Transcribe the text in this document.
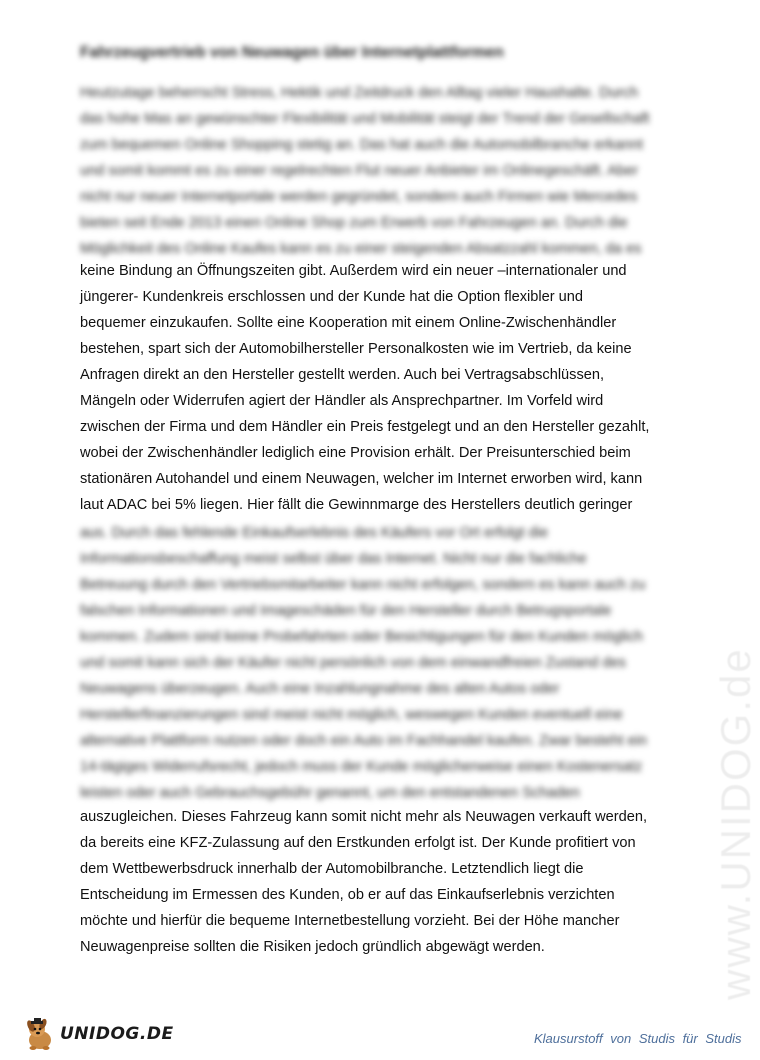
Fahrzeugvertrieb von Neuwagen über Internetplattformen
Heutzutage beherrscht Stress, Hektik und Zeitdruck den Alltag vieler Haushalte. Durch
das hohe Mas an gewünschter Flexibilität und Mobilität steigt der Trend der Gesellschaft
zum bequemen Online Shopping stetig an. Das hat auch die Automobilbranche erkannt
und somit kommt es zu einer regelrechten Flut neuer Anbieter im Onlinegeschäft. Aber
nicht nur neuer Internetportale werden gegründet, sondern auch Firmen wie Mercedes
bieten seit Ende 2013 einen Online Shop zum Erwerb von Fahrzeugen an. Durch die
Möglichkeit des Online Kaufes kann es zu einer steigenden Absatzzahl kommen, da es
keine Bindung an Öffnungszeiten gibt. Außerdem wird ein neuer –internationaler und
jüngerer- Kundenkreis erschlossen und der Kunde hat die Option flexibler und
bequemer einzukaufen. Sollte eine Kooperation mit einem Online-Zwischenhändler
bestehen, spart sich der Automobilhersteller Personalkosten wie im Vertrieb, da keine
Anfragen direkt an den Hersteller gestellt werden. Auch bei Vertragsabschlüssen,
Mängeln oder Widerrufen agiert der Händler als Ansprechpartner. Im Vorfeld wird
zwischen der Firma und dem Händler ein Preis festgelegt und an den Hersteller gezahlt,
wobei der Zwischenhändler lediglich eine Provision erhält. Der Preisunterschied beim
stationären Autohandel und einem Neuwagen, welcher im Internet erworben wird, kann
laut ADAC bei 5% liegen. Hier fällt die Gewinnmarge des Herstellers deutlich geringer
aus. Durch das fehlende Einkaufserlebnis des Käufers vor Ort erfolgt die
Informationsbeschaffung meist selbst über das Internet. Nicht nur die fachliche
Betreuung durch den Vertriebsmitarbeiter kann nicht erfolgen, sondern es kann auch zu
falschen Informationen und Imageschäden für den Hersteller durch Betrugsportale
kommen. Zudem sind keine Probefahrten oder Besichtigungen für den Kunden möglich
und somit kann sich der Käufer nicht persönlich von dem einwandfreien Zustand des
Neuwagens überzeugen. Auch eine Inzahlungnahme des alten Autos oder
Herstellerfinanzierungen sind meist nicht möglich, weswegen Kunden eventuell eine
alternative Plattform nutzen oder doch ein Auto im Fachhandel kaufen. Zwar besteht ein
14-tägiges Widerrufsrecht, jedoch muss der Kunde möglicherweise einen Kostenersatz
leisten oder auch Gebrauchsgebühr genannt, um den entstandenen Schaden
auszugleichen. Dieses Fahrzeug kann somit nicht mehr als Neuwagen verkauft werden,
da bereits eine KFZ-Zulassung auf den Erstkunden erfolgt ist. Der Kunde profitiert von
dem Wettbewerbsdruck innerhalb der Automobilbranche. Letztendlich liegt die
Entscheidung im Ermessen des Kunden, ob er auf das Einkaufserlebnis verzichten
möchte und hierfür die bequeme Internetbestellung vorzieht. Bei der Höhe mancher
Neuwagenpreise sollten die Risiken jedoch gründlich abgewägt werden.	www.UNIDOG.de
UNIDOG.DE	Klausurstoff von Studis für Studis
